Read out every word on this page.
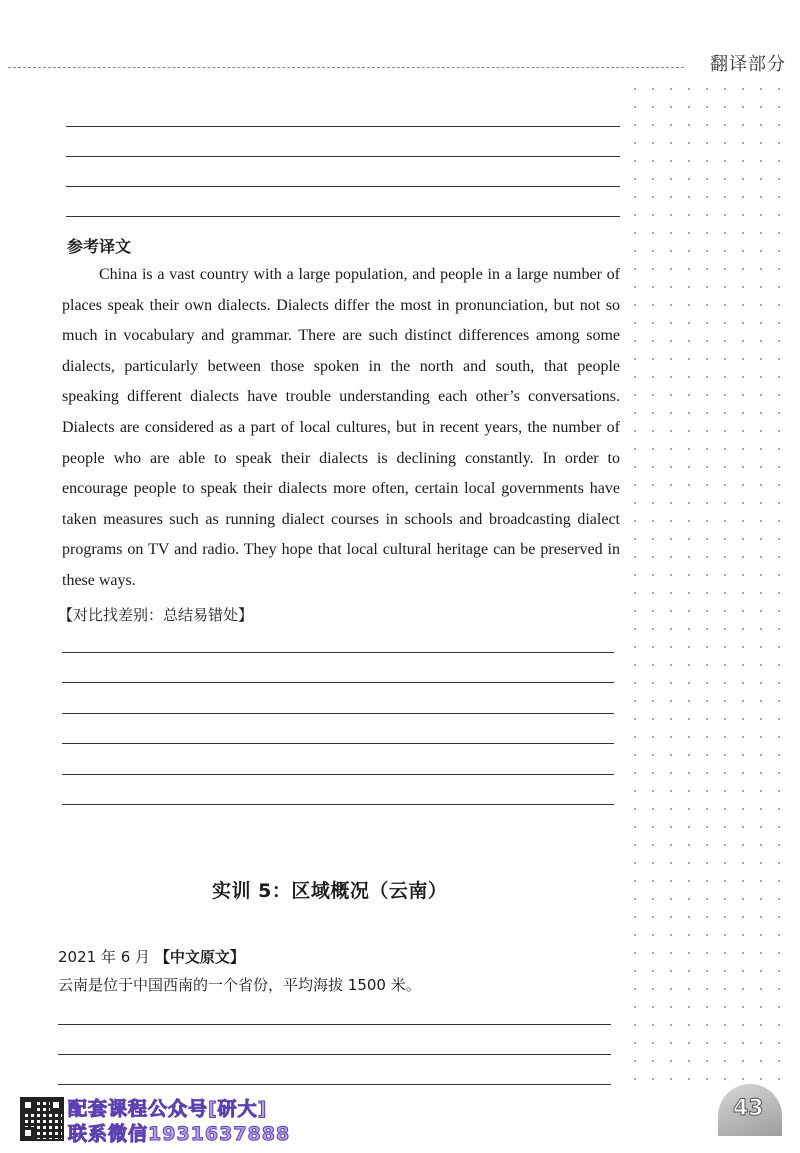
翻译部分
参考译文

China is a vast country with a large population, and people in a large number of places speak their own dialects. Dialects differ the most in pronunciation, but not so much in vocabulary and grammar. There are such distinct differences among some dialects, particularly between those spoken in the north and south, that people speaking different dialects have trouble understanding each other’s conversations. Dialects are considered as a part of local cultures, but in recent years, the number of people who are able to speak their dialects is declining constantly. In order to encourage people to speak their dialects more often, certain local governments have taken measures such as running dialect courses in schools and broadcasting dialect programs on TV and radio. They hope that local cultural heritage can be preserved in these ways.

【对比找差别：总结易错处】
实训 5：区域概况（云南）
2021 年 6 月 【中文原文】
云南是位于中国西南的一个省份，平均海拔 1500 米。
配套课程公众号[研大]
联系微信1931637888
43
